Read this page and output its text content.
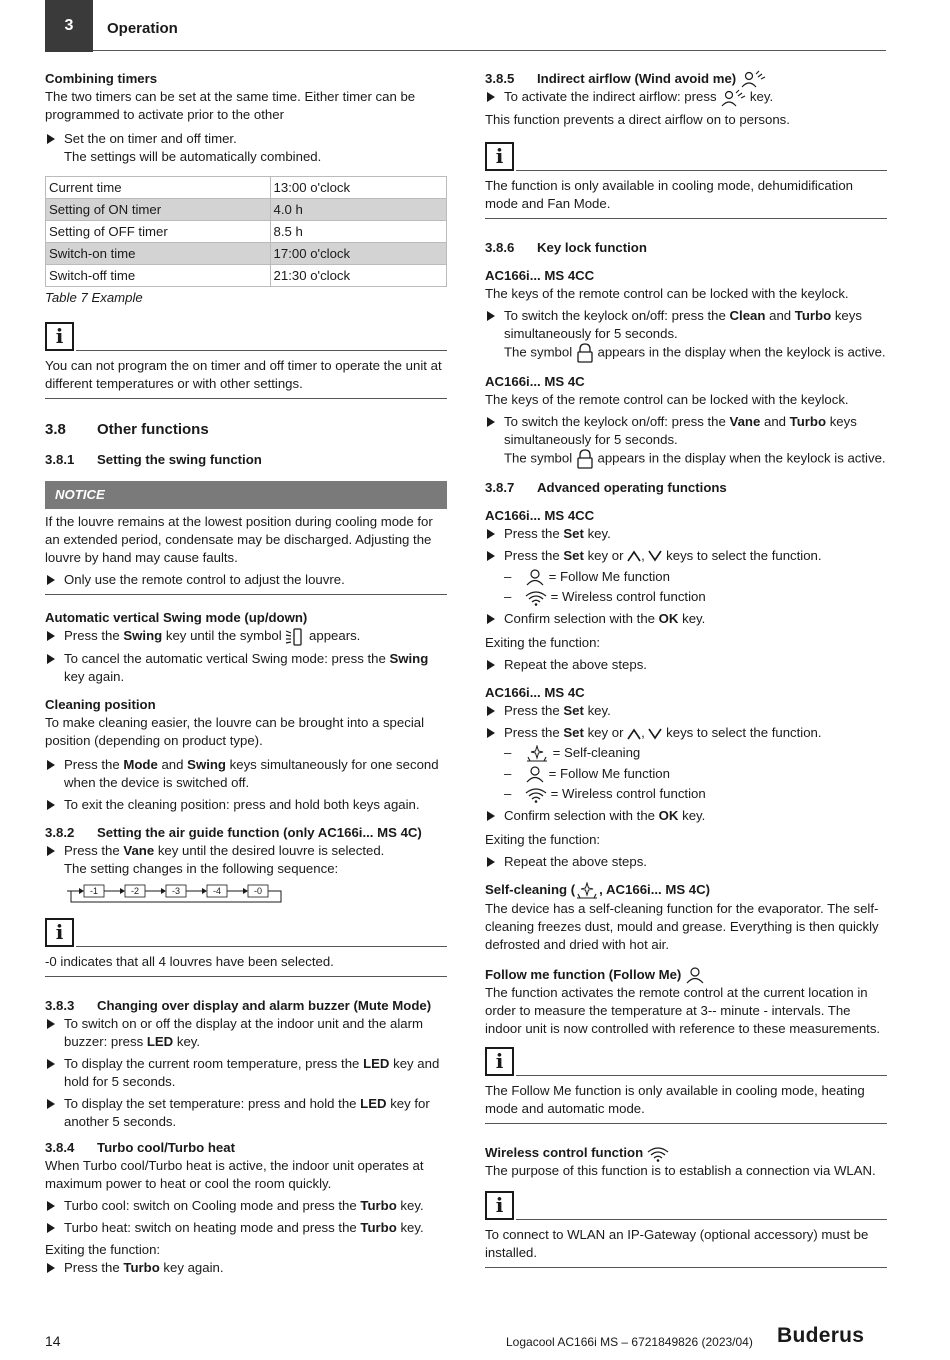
3	Operation

Combining timers

The two timers can be set at the same time. Either timer can be programmed to activate prior to the other

Set the on timer and off timer.

The settings will be automatically combined.

Current time	13:00 o'clock
Setting of ON timer	4.0 h
Setting of OFF timer	8.5 h
Switch-on time	17:00 o'clock
Switch-off time	21:30 o'clock

Table 7 Example

i

You can not program the on timer and off timer to operate the unit at different temperatures or with other settings.

3.8	Other functions
3.8.1	Setting the swing function
NOTICE

If the louvre remains at the lowest position during cooling mode for an extended period, condensate may be discharged. Adjusting the louvre by hand may cause faults.

Only use the remote control to adjust the louvre.

Automatic vertical Swing mode (up/down)

Press the Swing key until the symbol  appears.

To cancel the automatic vertical Swing mode: press the Swing key again.

Cleaning position

To make cleaning easier, the louvre can be brought into a special position (depending on product type).

Press the Mode and Swing keys simultaneously for one second when the device is switched off.

To exit the cleaning position: press and hold both keys again.

3.8.2	Setting the air guide function (only AC166i... MS 4C)

Press the Vane key until the desired louvre is selected.

The setting changes in the following sequence:

-1	-2	-3	-4	-0
i

-0 indicates that all 4 louvres have been selected.

3.8.3	Changing over display and alarm buzzer (Mute Mode)

To switch on or off the display at the indoor unit and the alarm buzzer: press LED key.

To display the current room temperature, press the LED key and hold for 5 seconds.

To display the set temperature: press and hold the LED key for another 5 seconds.

3.8.4	Turbo cool/Turbo heat

When Turbo cool/Turbo heat is active, the indoor unit operates at maximum power to heat or cool the room quickly.

Turbo cool: switch on Cooling mode and press the Turbo key.

Turbo heat: switch on heating mode and press the Turbo key.

Exiting the function:

Press the Turbo key again.

3.8.5	Indirect airflow (Wind avoid me)

To activate the indirect airflow: press  key.

This function prevents a direct airflow on to persons.

i

The function is only available in cooling mode, dehumidification mode and Fan Mode.

3.8.6	Key lock function

AC166i... MS 4CC

The keys of the remote control can be locked with the keylock.

To switch the keylock on/off: press the Clean and Turbo keys simultaneously for 5 seconds.

The symbol  appears in the display when the keylock is active.

AC166i... MS 4C

The keys of the remote control can be locked with the keylock.

To switch the keylock on/off: press the Vane and Turbo keys simultaneously for 5 seconds.

The symbol  appears in the display when the keylock is active.

3.8.7	Advanced operating functions

AC166i... MS 4CC

Press the Set key.

Press the Set key or ,  keys to select the function.

– = Follow Me function

– = Wireless control function

Confirm selection with the OK key.

Exiting the function:

Repeat the above steps.

AC166i... MS 4C

Press the Set key.

Press the Set key or ,  keys to select the function.

– = Self-cleaning

– = Follow Me function

– = Wireless control function

Confirm selection with the OK key.

Exiting the function:

Repeat the above steps.

Self-cleaning ( , AC166i... MS 4C)

The device has a self-cleaning function for the evaporator. The self-cleaning freezes dust, mould and grease. Everything is then quickly defrosted and dried with hot air.

Follow me function (Follow Me)

The function activates the remote control at the current location in order to measure the temperature at 3-- minute - intervals. The indoor unit is now controlled with reference to these measurements.

i

The Follow Me function is only available in cooling mode, heating mode and automatic mode.

Wireless control function

The purpose of this function is to establish a connection via WLAN.

i

To connect to WLAN an IP-Gateway (optional accessory) must be installed.

14	Logacool AC166i MS – 6721849826 (2023/04) Buderus
